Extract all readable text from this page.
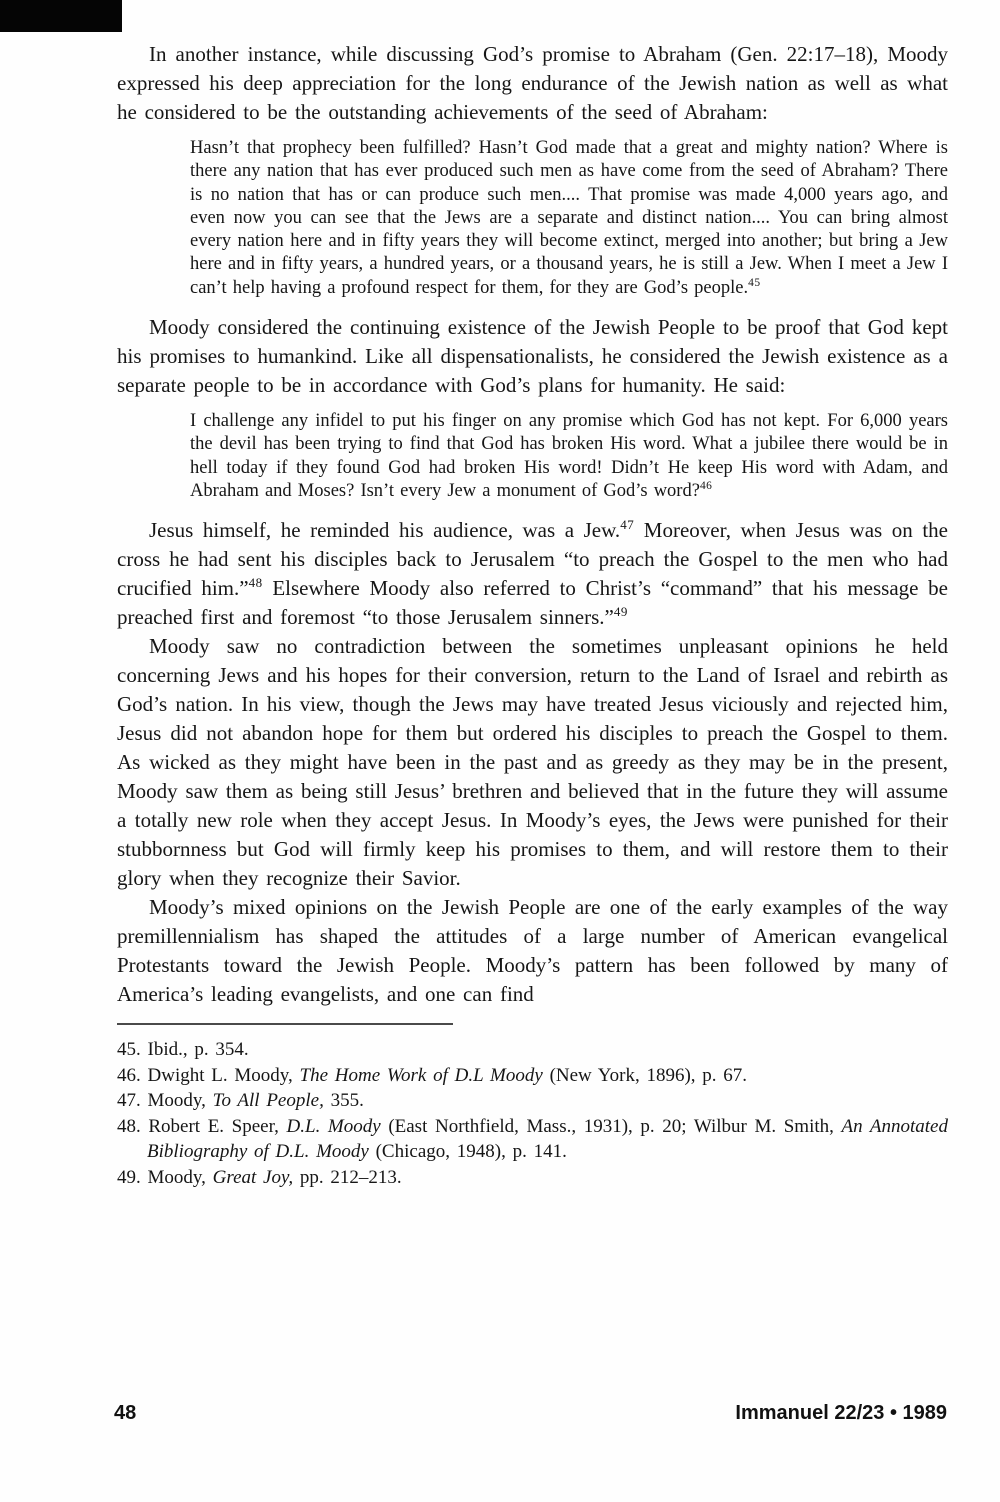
In another instance, while discussing God’s promise to Abraham (Gen. 22:17–18), Moody expressed his deep appreciation for the long endurance of the Jewish nation as well as what he considered to be the outstanding achievements of the seed of Abraham:
Hasn’t that prophecy been fulfilled? Hasn’t God made that a great and mighty nation? Where is there any nation that has ever produced such men as have come from the seed of Abraham? There is no nation that has or can produce such men.... That promise was made 4,000 years ago, and even now you can see that the Jews are a separate and distinct nation.... You can bring almost every nation here and in fifty years they will become extinct, merged into another; but bring a Jew here and in fifty years, a hundred years, or a thousand years, he is still a Jew. When I meet a Jew I can’t help having a profound respect for them, for they are God’s people.$^{45}$
Moody considered the continuing existence of the Jewish People to be proof that God kept his promises to humankind. Like all dispensationalists, he considered the Jewish existence as a separate people to be in accordance with God’s plans for humanity. He said:
I challenge any infidel to put his finger on any promise which God has not kept. For 6,000 years the devil has been trying to find that God has broken His word. What a jubilee there would be in hell today if they found God had broken His word! Didn’t He keep His word with Adam, and Abraham and Moses? Isn’t every Jew a monument of God’s word?$^{46}$
Jesus himself, he reminded his audience, was a Jew.$^{47}$ Moreover, when Jesus was on the cross he had sent his disciples back to Jerusalem “to preach the Gospel to the men who had crucified him.”$^{48}$ Elsewhere Moody also referred to Christ’s “command” that his message be preached first and foremost “to those Jerusalem sinners.”$^{49}$
Moody saw no contradiction between the sometimes unpleasant opinions he held concerning Jews and his hopes for their conversion, return to the Land of Israel and rebirth as God’s nation. In his view, though the Jews may have treated Jesus viciously and rejected him, Jesus did not abandon hope for them but ordered his disciples to preach the Gospel to them. As wicked as they might have been in the past and as greedy as they may be in the present, Moody saw them as being still Jesus’ brethren and believed that in the future they will assume a totally new role when they accept Jesus. In Moody’s eyes, the Jews were punished for their stubbornness but God will firmly keep his promises to them, and will restore them to their glory when they recognize their Savior.
Moody’s mixed opinions on the Jewish People are one of the early examples of the way premillennialism has shaped the attitudes of a large number of American evangelical Protestants toward the Jewish People. Moody’s pattern has been followed by many of America’s leading evangelists, and one can find
45. Ibid., p. 354.
46. Dwight L. Moody, The Home Work of D.L Moody (New York, 1896), p. 67.
47. Moody, To All People, 355.
48. Robert E. Speer, D.L. Moody (East Northfield, Mass., 1931), p. 20; Wilbur M. Smith, An Annotated Bibliography of D.L. Moody (Chicago, 1948), p. 141.
49. Moody, Great Joy, pp. 212–213.
48	Immanuel 22/23 • 1989
